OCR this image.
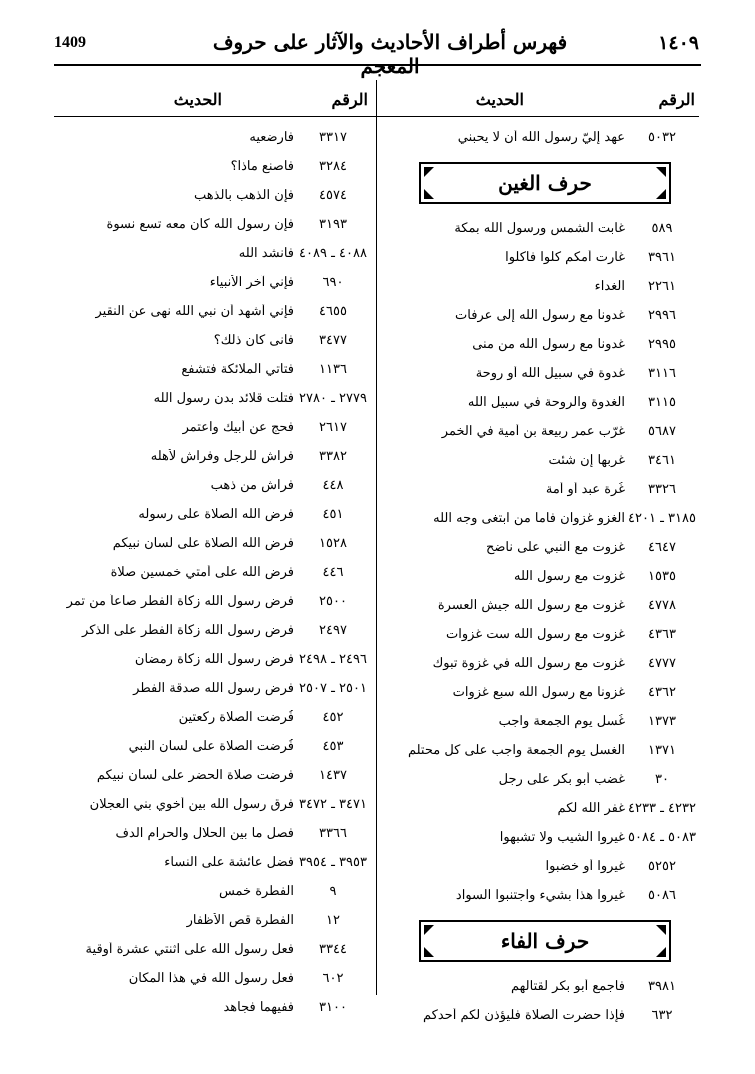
1409	فهرس أطراف الأحاديث والآثار على حروف المعجم
١٤٠٩
الرقم
الحديث
٥٠٣٢
عهد إليّ رسول الله أن لا يحبني
حرف الغين
٥٨٩
غابت الشمس ورسول الله بمكة
٣٩٦١
غارت أمكم كلوا فأكلوا
٢٢٦١
الغداء
٢٩٩٦
غدونا مع رسول الله إلى عرفات
٢٩٩٥
غدونا مع رسول الله من منى
٣١١٦
غدوة في سبيل الله أو روحة
٣١١٥
الغدوة والروحة في سبيل الله
٥٦٨٧
غرّب عمر ربيعة بن أمية في الخمر
٣٤٦١
غربها إن شئت
٣٣٢٦
غُرة عبد أو أمة
٣١٨٥ ـ ٤٢٠١
الغزو غزوان فأما من ابتغى وجه الله
٤٦٤٧
غزوت مع النبي على ناضح
١٥٣٥
غزوت مع رسول الله
٤٧٧٨
غزوت مع رسول الله جيش العسرة
٤٣٦٣
غزوت مع رسول الله ست غزوات
٤٧٧٧
غزوت مع رسول الله في غزوة تبوك
٤٣٦٢
غزونا مع رسول الله سبع غزوات
١٣٧٣
غُسل يوم الجمعة واجب
١٣٧١
الغسل يوم الجمعة واجب على كل محتلم
٣٠
غضب أبو بكر على رجل
٤٢٣٢ ـ ٤٢٣٣
غفر الله لكم
٥٠٨٣ ـ ٥٠٨٤
غيروا الشيب ولا تشبهوا
٥٢٥٢
غيروا أو خضبوا
٥٠٨٦
غيروا هذا بشيء واجتنبوا السواد
حرف الفاء
٣٩٨١
فأجمع أبو بكر لقتالهم
٦٣٢
فإذا حضرت الصلاة فليؤذن لكم أحدكم
الرقم
الحديث
٣٣١٧
فأرضعيه
٣٢٨٤
فأصنع ماذا؟
٤٥٧٤
فإن الذهب بالذهب
٣١٩٣
فإن رسول الله كان معه تسع نسوة
٤٠٨٨ ـ ٤٠٨٩
فأنشد الله
٦٩٠
فإني آخر الأنبياء
٤٦٥٥
فإني أشهد أن نبي الله نهى عن النقير
٣٤٧٧
فأنى كان ذلك؟
١١٣٦
فتأتي الملائكة فتشفع
٢٧٧٩ ـ ٢٧٨٠
فتلت قلائد بدن رسول الله
٢٦١٧
فحج عن أبيك واعتمر
٣٣٨٢
فراش للرجل وفراش لأهله
٤٤٨
فراش من ذهب
٤٥١
فرض الله الصلاة على رسوله
١٥٢٨
فرض الله الصلاة على لسان نبيكم
٤٤٦
فرض الله على أمتي خمسين صلاة
٢٥٠٠
فرض رسول الله زكاة الفطر صاعاً من تمر
٢٤٩٧
فرض رسول الله زكاة الفطر على الذكر
٢٤٩٦ ـ ٢٤٩٨
فرض رسول الله زكاة رمضان
٢٥٠١ ـ ٢٥٠٧
فرض رسول الله صدقة الفطر
٤٥٢
فُرضت الصلاة ركعتين
٤٥٣
فُرضت الصلاة على لسان النبي
١٤٣٧
فرضت صلاة الحضر على لسان نبيكم
٣٤٧١ ـ ٣٤٧٢
فرق رسول الله بين أخوي بني العجلان
٣٣٦٦
فصل ما بين الحلال والحرام الدف
٣٩٥٣ ـ ٣٩٥٤
فضل عائشة على النساء
٩
الفطرة خمس
١٢
الفطرة قص الأظفار
٣٣٤٤
فعل رسول الله على اثنتي عشرة أوقية
٦٠٢
فعل رسول الله في هذا المكان
٣١٠٠
ففيهما فجاهد
